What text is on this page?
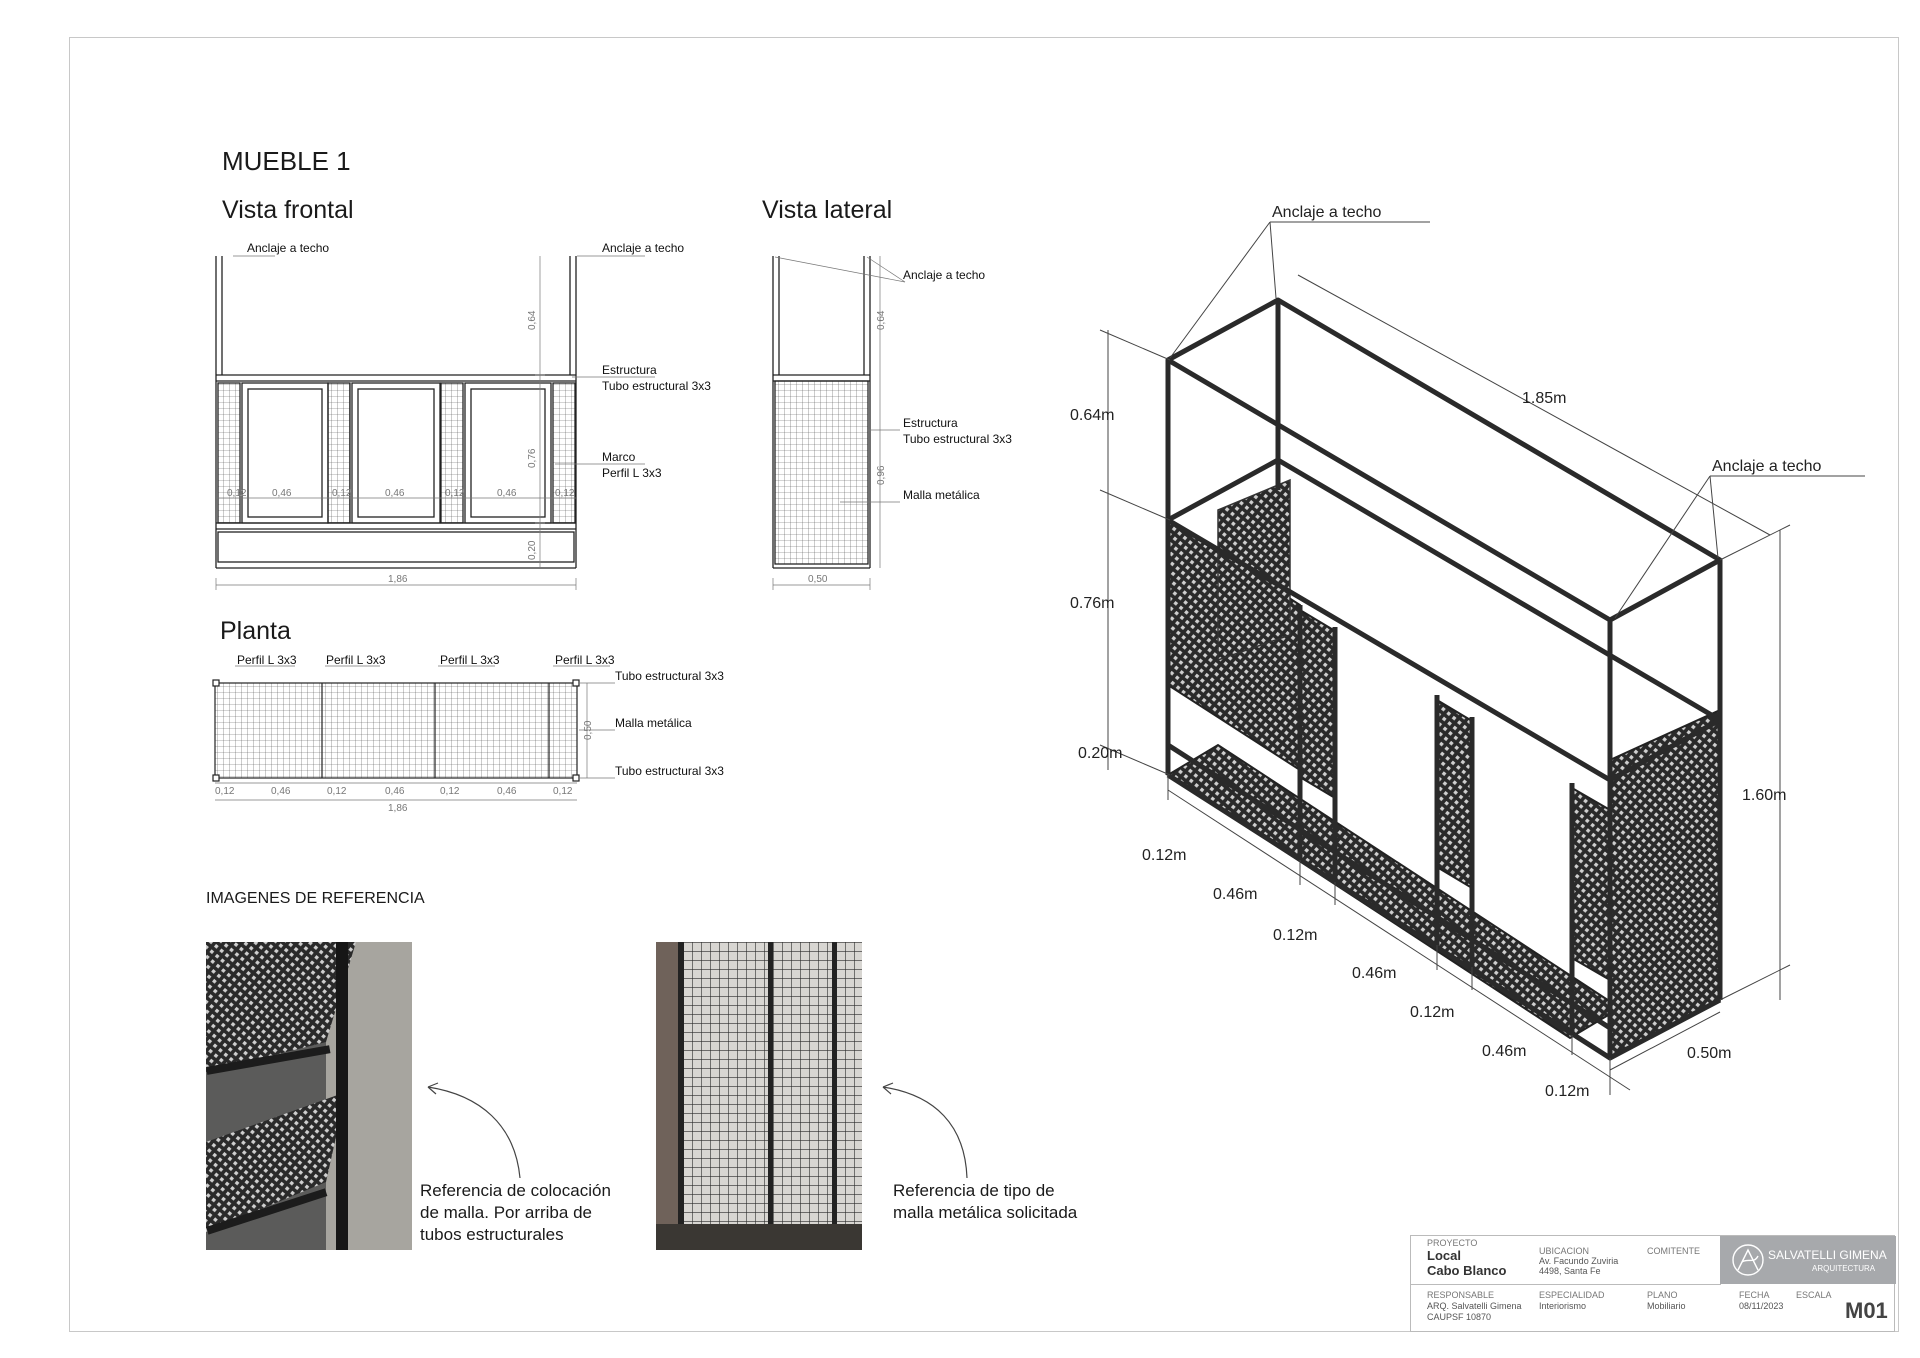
MUEBLE 1
Vista frontal	Vista lateral
Planta
0,12	0,46	0,12	0,46	0,12	0,46	0,12
1,86
0,64
0,76
0,20
Anclaje a techo	Anclaje a techo
Estructura
Tubo estructural 3x3
Marco
Perfil L 3x3
0,50
0,64
0,96
Anclaje a techo
Estructura
Tubo estructural 3x3
Malla metálica
0,12	0,46	0,12	0,46	0,12	0,46	0,12
1,86
0,50
Perfil L 3x3 Perfil L 3x3	Perfil L 3x3	Perfil L 3x3
Tubo estructural 3x3
Malla metálica
Tubo estructural 3x3
Anclaje a techo
Anclaje a techo
1.85m
0.64m
0.76m
0.20m
1.60m
0.50m
0.12m
0.46m
0.12m
0.46m
0.12m
0.46m
0.12m
IMAGENES DE REFERENCIA
Referencia de colocación
de malla. Por arriba de
tubos estructurales
Referencia de tipo de
malla metálica solicitada
SALVATELLI GIMENA
ARQUITECTURA
PROYECTO
Local
Cabo Blanco
UBICACION
Av. Facundo Zuviria
4498, Santa Fe
COMITENTE
RESPONSABLE
ARQ. Salvatelli Gimena
CAUPSF 10870
ESPECIALIDAD
Interiorismo
PLANO
Mobiliario
FECHA
08/11/2023
ESCALA
M01
